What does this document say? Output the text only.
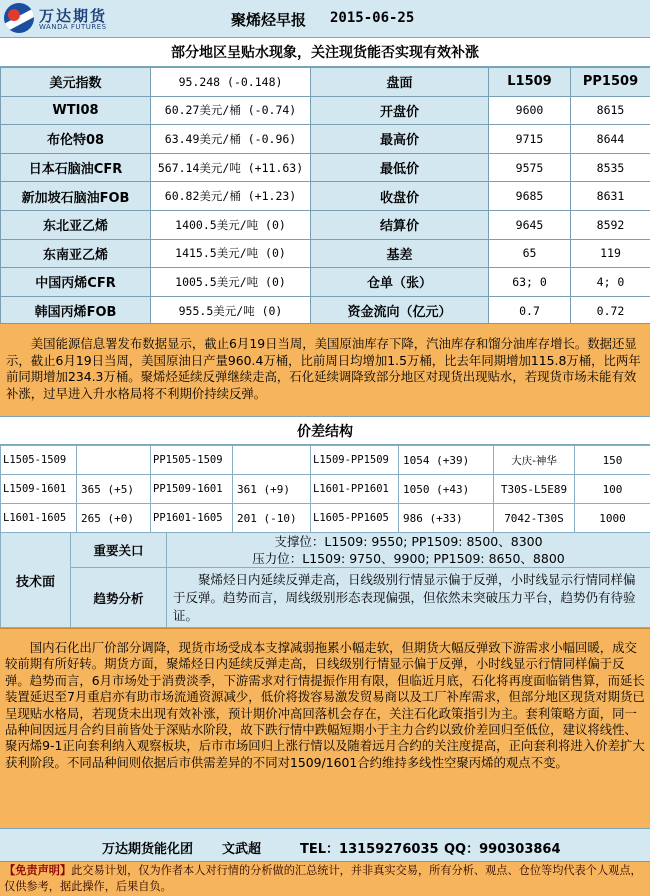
万达期货
WANDA FUTURES	聚烯烃早报 2015-06-25
部分地区呈贴水现象，关注现货能否实现有效补涨
美元指数	95.248 (-0.148)	盘面	L1509	PP1509
WTI08	60.27美元/桶 (-0.74)	开盘价	9600	8615
布伦特08	63.49美元/桶 (-0.96)	最高价	9715	8644
日本石脑油CFR	567.14美元/吨 (+11.63)	最低价	9575	8535
新加坡石脑油FOB	60.82美元/桶 (+1.23)	收盘价	9685	8631
东北亚乙烯	1400.5美元/吨 (0)	结算价	9645	8592
东南亚乙烯	1415.5美元/吨 (0)	基差	65	119
中国丙烯CFR	1005.5美元/吨 (0)	仓单（张）	63; 0	4; 0
韩国丙烯FOB	955.5美元/吨 (0)	资金流向（亿元）	0.7	0.72
美国能源信息署发布数据显示，截止6月19日当周，美国原油库存下降，汽油库存和馏分油库存增长。数据还显示，截止6月19日当周，美国原油日产量960.4万桶，比前周日均增加1.5万桶，比去年同期增加115.8万桶，比两年前同期增加234.3万桶。聚烯烃延续反弹继续走高，石化延续调降致部分地区对现货出现贴水，若现货市场未能有效补涨，过早进入升水格局将不利期价持续反弹。
价差结构
L1505-1509		PP1505-1509		L1509-PP1509	1054 (+39)	大庆-神华	150
L1509-1601	365 (+5)	PP1509-1601	361 (+9)	L1601-PP1601	1050 (+43)	T30S-L5E89	100
L1601-1605	265 (+0)	PP1601-1605	201 (-10)	L1605-PP1605	986 (+33)	7042-T30S	1000
技术面	重要关口	支撑位：L1509: 9550; PP1509: 8500、8300
压力位：L1509: 9750、9900; PP1509: 8650、8800

	趋势分析	聚烯烃日内延续反弹走高，日线级别行情显示偏于反弹，小时线显示行情同样偏于反弹。趋势而言，周线级别形态表现偏强，但依然未突破压力平台，趋势仍有待验证。
国内石化出厂价部分调降，现货市场受成本支撑减弱拖累小幅走软，但期货大幅反弹致下游需求小幅回暖，成交较前期有所好转。期货方面，聚烯烃日内延续反弹走高，日线级别行情显示偏于反弹，小时线显示行情同样偏于反弹。趋势而言，6月市场处于消费淡季，下游需求对行情提振作用有限，但临近月底，石化将再度面临销售算，而延长装置延迟至7月重启亦有助市场流通资源减少，低价将拨容易激发贸易商以及工厂补库需求，但部分地区现货对期货已呈现贴水格局，若现货未出现有效补涨，预计期价冲高回落机会存在，关注石化政策指引为主。套利策略方面，同一品种间因远月合约目前皆处于深贴水阶段，故下跌行情中跌幅短期小于主力合约以致价差回归至低位，建议将线性、聚丙烯9-1正向套利纳入观察板块，后市市场回归上涨行情以及随着远月合约的关注度提高，正向套利将进入价差扩大获利阶段。不同品种间则依据后市供需差异的不同对1509/1601合约维持多线性空聚丙烯的观点不变。
万达期货能化团 文武超	TEL：13159276035 QQ：990303864
【免责声明】此交易计划，仅为作者本人对行情的分析做的汇总统计，并非真实交易，所有分析、观点、仓位等均代表个人观点，仅供参考，据此操作，后果自负。
